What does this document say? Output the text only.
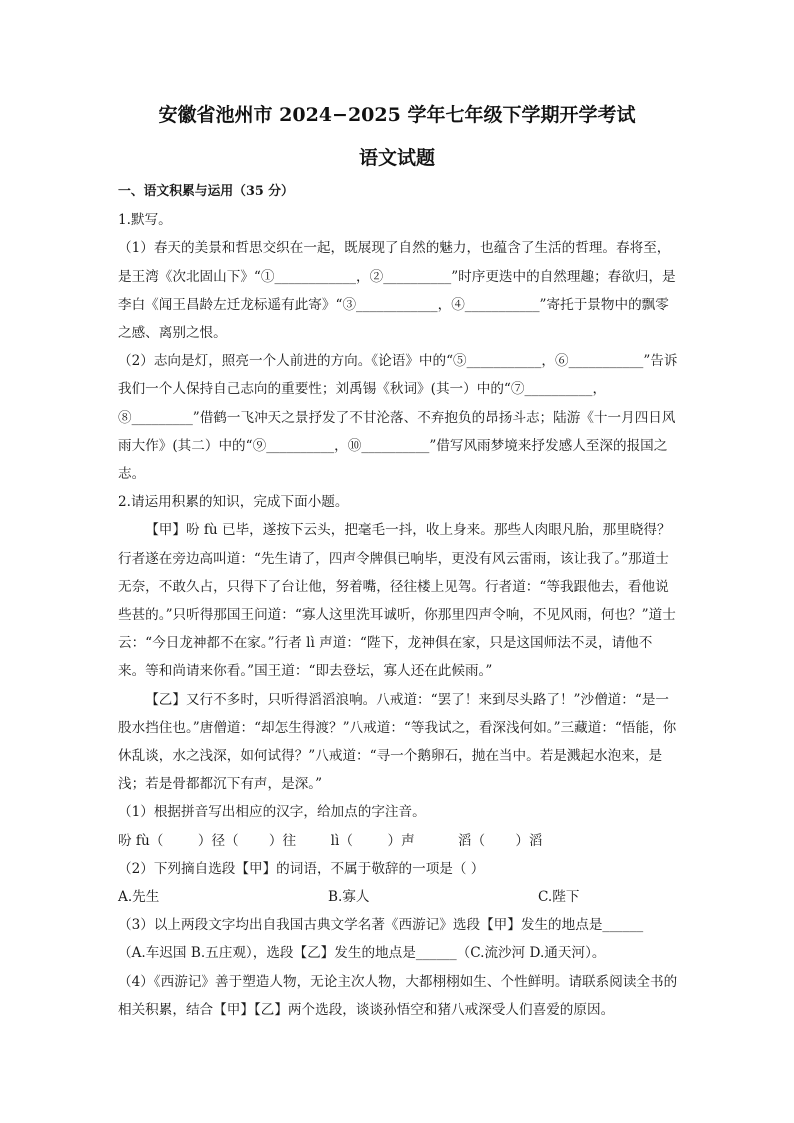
安徽省池州市 2024−2025 学年七年级下学期开学考试
语文试题

一、语文积累与运用（35 分）

1.默写。

（1）春天的美景和哲思交织在一起，既展现了自然的魅力，也蕴含了生活的哲理。春将至，是王湾《次北固山下》“①____________，②__________”时序更迭中的自然理趣；春欲归，是李白《闻王昌龄左迁龙标遥有此寄》“③____________，④___________”寄托于景物中的飘零之感、离别之恨。

（2）志向是灯，照亮一个人前进的方向。《论语》中的“⑤___________，⑥___________”告诉我们一个人保持自己志向的重要性；刘禹锡《秋词》(其一）中的“⑦__________，⑧_________”借鹤一飞冲天之景抒发了不甘沦落、不弃抱负的昂扬斗志；陆游《十一月四日风雨大作》(其二）中的“⑨__________，⑩__________”借写风雨梦境来抒发感人至深的报国之志。

2.请运用积累的知识，完成下面小题。

【甲】吩 fù 已毕，遂按下云头，把毫毛一抖，收上身来。那些人肉眼凡胎，那里晓得？行者遂在旁边高叫道：“先生请了，四声令牌俱已响毕，更没有风云雷雨，该让我了。”那道士无奈，不敢久占，只得下了台让他，努着嘴，径往楼上见驾。行者道：“等我跟他去，看他说些甚的。”只听得那国王问道：“寡人这里洗耳诚听，你那里四声令响，不见风雨，何也？”道士云：“今日龙神都不在家。”行者 lì 声道：“陛下，龙神俱在家，只是这国师法不灵，请他不来。等和尚请来你看。”国王道：“即去登坛，寡人还在此候雨。”

【乙】又行不多时，只听得滔滔浪响。八戒道：“罢了！来到尽头路了！”沙僧道：“是一股水挡住也。”唐僧道：“却怎生得渡？”八戒道：“等我试之，看深浅何如。”三藏道：“悟能，你休乱谈，水之浅深，如何试得？”八戒道：“寻一个鹅卵石，抛在当中。若是溅起水泡来，是浅；若是骨都都沉下有声，是深。”

（1）根据拼音写出相应的汉字，给加点的字注音。

吩 fù（        ）径（       ）往        lì（        ）声          滔（       ）滔

（2）下列摘自选段【甲】的词语，不属于敬辞的一项是（ ）

A.先生	B.寡人	C.陛下

（3）以上两段文字均出自我国古典文学名著《西游记》选段【甲】发生的地点是______

（A.车迟国 B.五庄观），选段【乙】发生的地点是______（C.流沙河 D.通天河）。

（4）《西游记》善于塑造人物，无论主次人物，大都栩栩如生、个性鲜明。请联系阅读全书的相关积累，结合【甲】【乙】两个选段，谈谈孙悟空和猪八戒深受人们喜爱的原因。
